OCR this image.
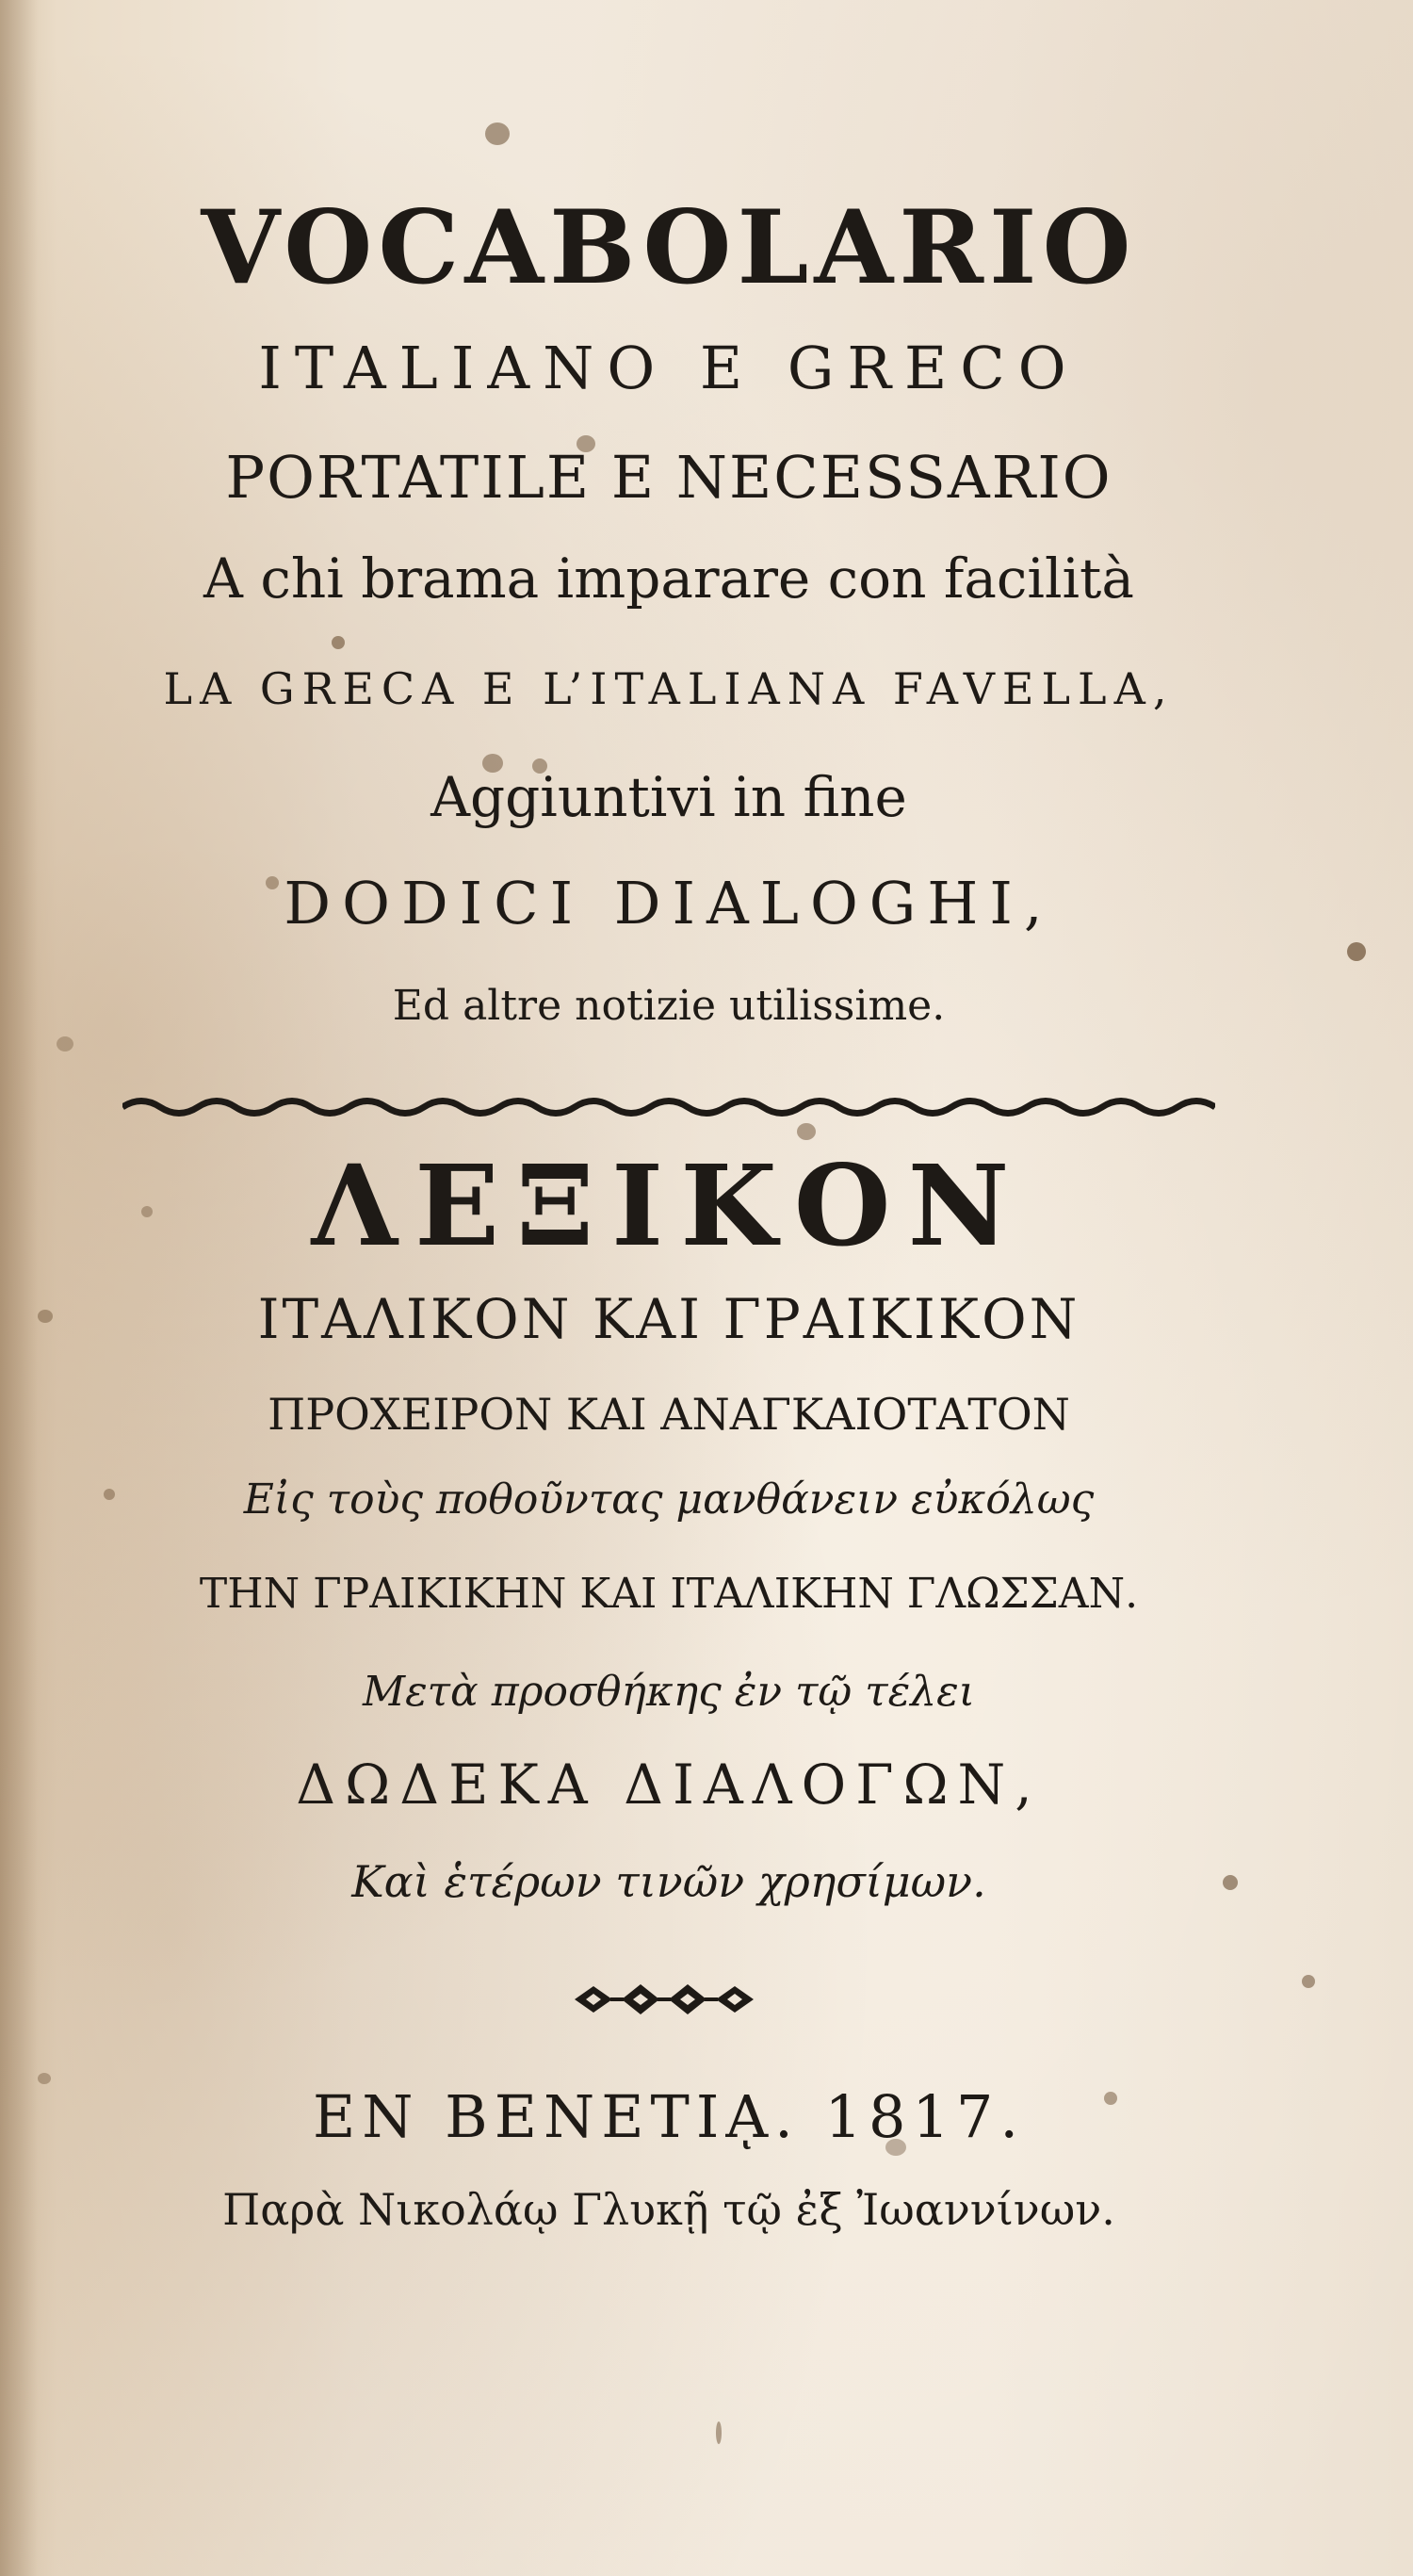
VOCABOLARIO
ITALIANO E GRECO
PORTATILE E NECESSARIO
A chi brama imparare con facilità
LA GRECA E L’ITALIANA FAVELLA,
Aggiuntivi in fine
DODICI DIALOGHI,
Ed altre notizie utilissime.
ΛΕΞΙΚΟΝ
ΙΤΑΛΙΚΟΝ ΚΑΙ ΓΡΑΙΚΙΚΟΝ
ΠΡΟΧΕΙΡΟΝ ΚΑΙ ΑΝΑΓΚΑΙΟΤΑΤΟΝ
Εἰς τοὺς ποθοῦντας μανθάνειν εὐκόλως
ΤΗΝ ΓΡΑΙΚΙΚΗΝ ΚΑΙ ΙΤΑΛΙΚΗΝ ΓΛΩΣΣΑΝ.
Μετὰ προσθήκης ἐν τῷ τέλει
ΔΩΔΕΚΑ ΔΙΑΛΟΓΩΝ,
Καὶ ἑτέρων τινῶν χρησίμων.
ΕΝ ΒΕΝΕΤΙᾼ. 1817.
Παρὰ Νικολάῳ Γλυκῇ τῷ ἐξ Ἰωαννίνων.
